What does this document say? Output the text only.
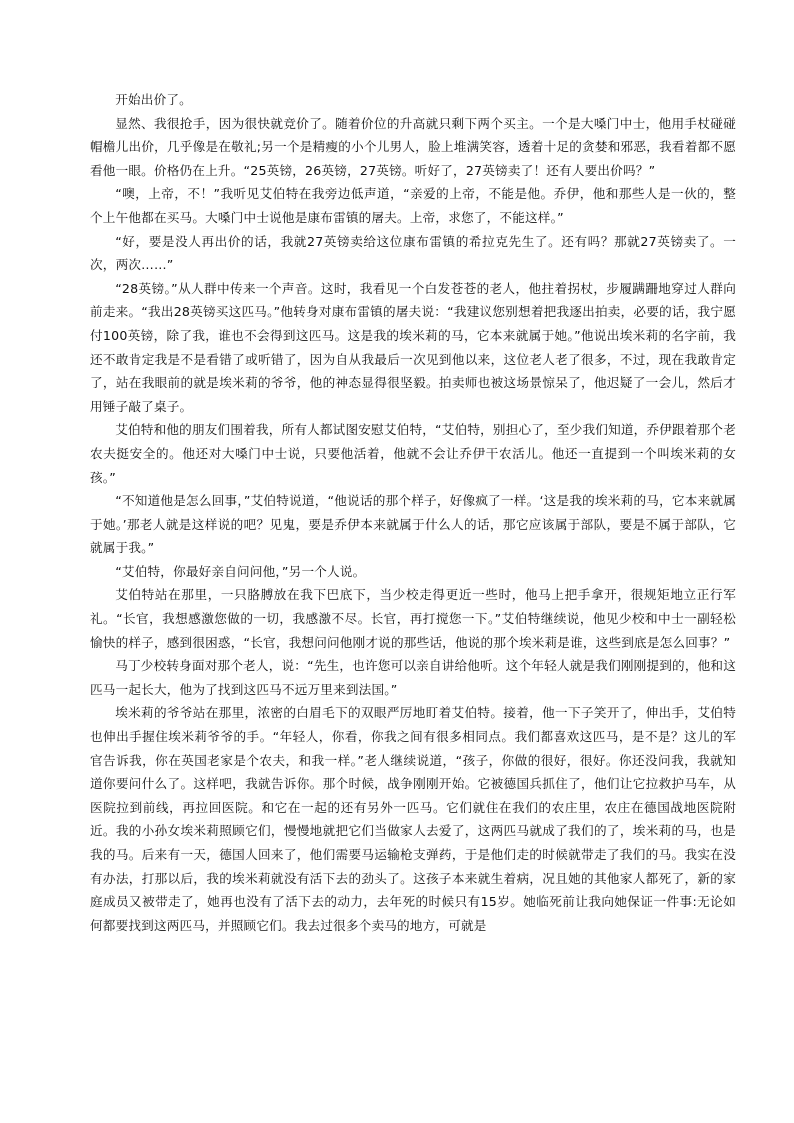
开始出价了。

显然、我很抢手，因为很快就竞价了。随着价位的升高就只剩下两个买主。一个是大嗓门中士，他用手杖碰碰帽檐儿出价，几乎像是在敬礼;另一个是精瘦的小个儿男人，脸上堆满笑容，透着十足的贪婪和邪恶，我看着都不愿看他一眼。价格仍在上升。“25英镑，26英镑，27英镑。听好了，27英镑卖了！还有人要出价吗？”

“噢，上帝，不！”我听见艾伯特在我旁边低声道，“亲爱的上帝，不能是他。乔伊，他和那些人是一伙的，整个上午他都在买马。大嗓门中士说他是康布雷镇的屠夫。上帝，求您了，不能这样。”

“好，要是没人再出价的话，我就27英镑卖给这位康布雷镇的希拉克先生了。还有吗？那就27英镑卖了。一次，两次……”

“28英镑。”从人群中传来一个声音。这时，我看见一个白发苍苍的老人，他拄着拐杖，步履蹒跚地穿过人群向前走来。“我出28英镑买这匹马。”他转身对康布雷镇的屠夫说：“我建议您别想着把我逐出拍卖，必要的话，我宁愿付100英镑，除了我，谁也不会得到这匹马。这是我的埃米莉的马，它本来就属于她。”他说出埃米莉的名字前，我还不敢肯定我是不是看错了或听错了，因为自从我最后一次见到他以来，这位老人老了很多，不过，现在我敢肯定了，站在我眼前的就是埃米莉的爷爷，他的神态显得很坚毅。拍卖师也被这场景惊呆了，他迟疑了一会儿，然后才用锤子敲了桌子。

艾伯特和他的朋友们围着我，所有人都试图安慰艾伯特，“艾伯特，别担心了，至少我们知道，乔伊跟着那个老农夫挺安全的。他还对大嗓门中士说，只要他活着，他就不会让乔伊干农活儿。他还一直提到一个叫埃米莉的女孩。”

“不知道他是怎么回事，”艾伯特说道，“他说话的那个样子，好像疯了一样。‘这是我的埃米莉的马，它本来就属于她。’那老人就是这样说的吧？见鬼，要是乔伊本来就属于什么人的话，那它应该属于部队，要是不属于部队，它就属于我。”

“艾伯特，你最好亲自问问他，”另一个人说。

艾伯特站在那里，一只胳膊放在我下巴底下，当少校走得更近一些时，他马上把手拿开，很规矩地立正行军礼。“长官，我想感激您做的一切，我感激不尽。长官，再打搅您一下。”艾伯特继续说，他见少校和中士一副轻松愉快的样子，感到很困惑，“长官，我想问问他刚才说的那些话，他说的那个埃米莉是谁，这些到底是怎么回事？”

马丁少校转身面对那个老人，说：“先生，也许您可以亲自讲给他听。这个年轻人就是我们刚刚提到的，他和这匹马一起长大，他为了找到这匹马不远万里来到法国。”

埃米莉的爷爷站在那里，浓密的白眉毛下的双眼严厉地盯着艾伯特。接着，他一下子笑开了，伸出手，艾伯特也伸出手握住埃米莉爷爷的手。“年轻人，你看，你我之间有很多相同点。我们都喜欢这匹马，是不是？这儿的军官告诉我，你在英国老家是个农夫，和我一样。”老人继续说道，“孩子，你做的很好，很好。你还没问我，我就知道你要问什么了。这样吧，我就告诉你。那个时候，战争刚刚开始。它被德国兵抓住了，他们让它拉救护马车，从医院拉到前线，再拉回医院。和它在一起的还有另外一匹马。它们就住在我们的农庄里，农庄在德国战地医院附近。我的小孙女埃米莉照顾它们，慢慢地就把它们当做家人去爱了，这两匹马就成了我们的了，埃米莉的马，也是我的马。后来有一天，德国人回来了，他们需要马运输枪支弹药，于是他们走的时候就带走了我们的马。我实在没有办法，打那以后，我的埃米莉就没有活下去的劲头了。这孩子本来就生着病，况且她的其他家人都死了，新的家庭成员又被带走了，她再也没有了活下去的动力，去年死的时候只有15岁。她临死前让我向她保证一件事:无论如何都要找到这两匹马，并照顾它们。我去过很多个卖马的地方，可就是
